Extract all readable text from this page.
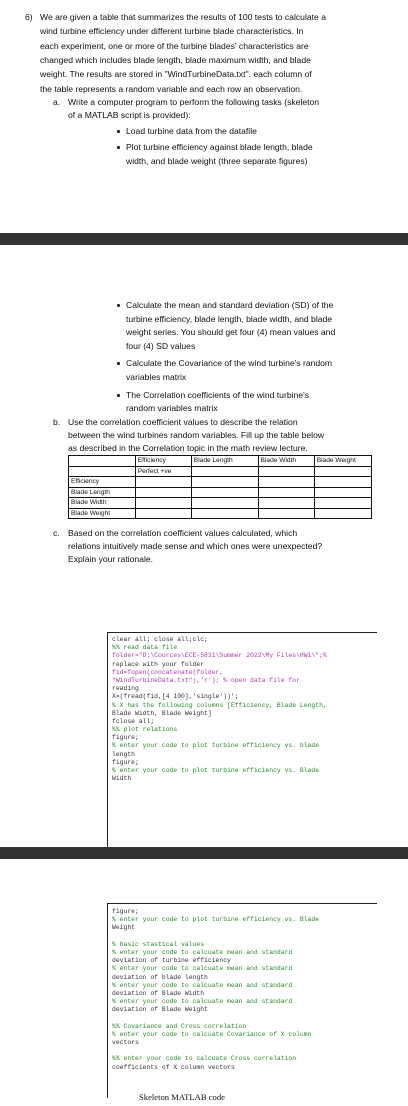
6) We are given a table that summarizes the results of 100 tests to calculate a
wind turbine efficiency under different turbine blade characteristics. In
each experiment, one or more of the turbine blades' characteristics are
changed which includes blade length, blade maximum width, and blade
weight. The results are stored in "WindTurbineData.txt". each column of
the table represents a random variable and each row an observation.
a. Write a computer program to perform the following tasks (skeleton
of a MATLAB script is provided):
Load turbine data from the datafile
Plot turbine efficiency against blade length, blade
width, and blade weight (three separate figures)
Calculate the mean and standard deviation (SD) of the
turbine efficiency, blade length, blade width, and blade
weight series. You should get four (4) mean values and
four (4) SD values
Calculate the Covariance of the wind turbine's random
variables matrix
The Correlation coefficients of the wind turbine's
random variables matrix
b. Use the correlation coefficient values to describe the relation
between the wind turbines random variables. Fill up the table below
as described in the Correlation topic in the math review lecture.
	Efficiency	Blade Length	Blade Width	Blade Weight
	Perfect +ve			
Efficiency				
Blade Length				
Blade Width				
Blade Weight				
c. Based on the correlation coefficient values calculated, which
relations intuitively made sense and which ones were unexpected?
Explain your rationale.
clear all; close all;clc;
%% read data file
folder="D:\Cources\ECE-5831\Summer 2022\My Files\HW1\";%
replace with your folder
fid=fopen(concatenate(folder,
"WindTurbineData.txt"),'r'); % open data file for
reading
X=(fread(fid,[4 100],'single'))';
% X has the following columns [Efficiency, Blade Length,
Blade Width, Blade Weight]
fclose all;
%% plot relations
figure;
% enter your code to plot turbine efficiency vs. blade
length
figure;
% enter your code to plot turbine efficiency vs. Blade
Width
figure;
% enter your code to plot turbine efficiency vs. Blade
Weight
% basic stastical values
% enter your code to calcuate mean and standard
deviation of turbine efficiency
% enter your code to calcuate mean and standard
deviation of blade length
% enter your code to calcuate mean and standard
deviation of Blade Width
% enter your code to calcuate mean and standard
deviation of Blade Weight
%% Covariance and Cross correlation
% enter your code to calcuate Covariance of X column
vectors
%% enter your code to calcuate Cross correlation
coefficients of X column vectors
Skeleton MATLAB code
